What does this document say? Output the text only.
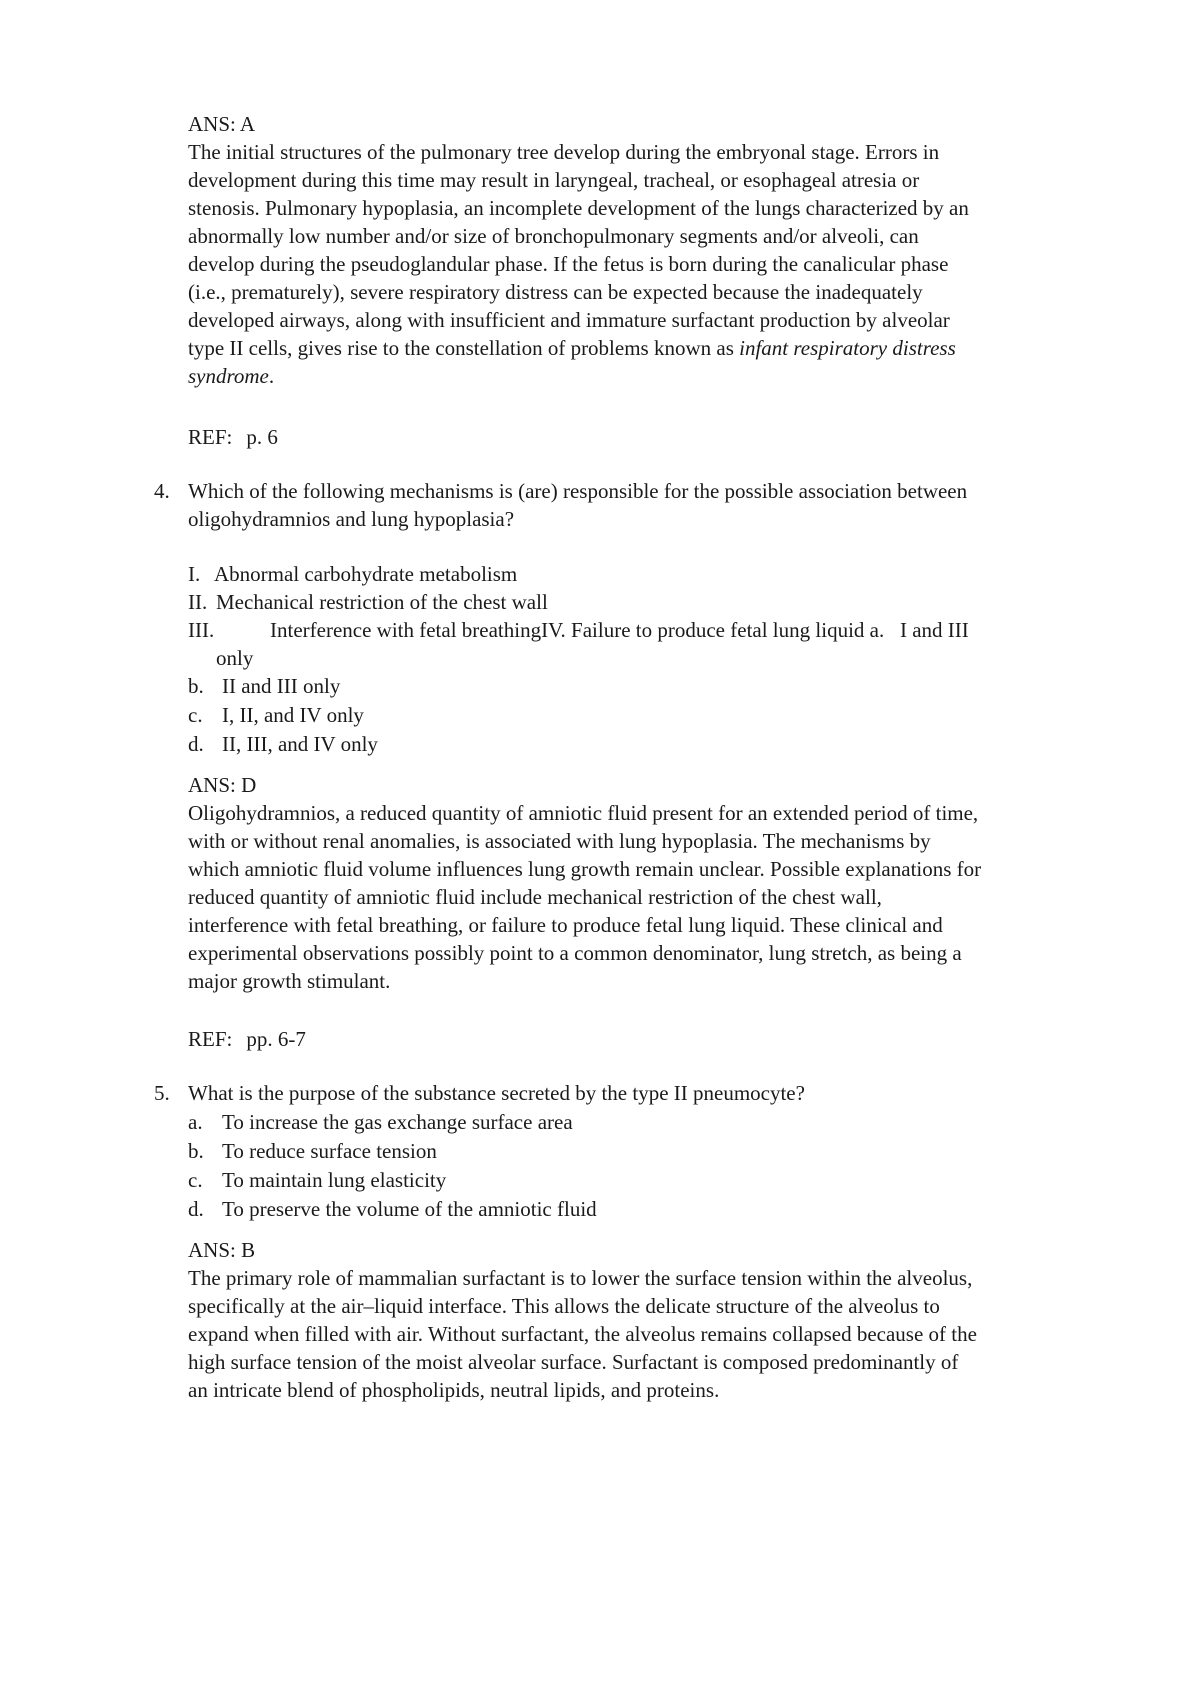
ANS: A

The initial structures of the pulmonary tree develop during the embryonal stage. Errors in
development during this time may result in laryngeal, tracheal, or esophageal atresia or
stenosis. Pulmonary hypoplasia, an incomplete development of the lungs characterized by an
abnormally low number and/or size of bronchopulmonary segments and/or alveoli, can
develop during the pseudoglandular phase. If the fetus is born during the canalicular phase
(i.e., prematurely), severe respiratory distress can be expected because the inadequately
developed airways, along with insufficient and immature surfactant production by alveolar
type II cells, gives rise to the constellation of problems known as infant respiratory distress
syndrome.

REF: p. 6

4. Which of the following mechanisms is (are) responsible for the possible association between
oligohydramnios and lung hypoplasia?
I. Abnormal carbohydrate metabolism
II. Mechanical restriction of the chest wall
III.	Interference with fetal breathingIV. Failure to produce fetal lung liquid a.   I and III
only
b. II and III only
c. I, II, and IV only
d. II, III, and IV only

ANS: D

Oligohydramnios, a reduced quantity of amniotic fluid present for an extended period of time,
with or without renal anomalies, is associated with lung hypoplasia. The mechanisms by
which amniotic fluid volume influences lung growth remain unclear. Possible explanations for
reduced quantity of amniotic fluid include mechanical restriction of the chest wall,
interference with fetal breathing, or failure to produce fetal lung liquid. These clinical and
experimental observations possibly point to a common denominator, lung stretch, as being a
major growth stimulant.

REF: pp. 6-7

5. What is the purpose of the substance secreted by the type II pneumocyte?
a. To increase the gas exchange surface area
b. To reduce surface tension
c. To maintain lung elasticity
d. To preserve the volume of the amniotic fluid

ANS: B

The primary role of mammalian surfactant is to lower the surface tension within the alveolus,
specifically at the air–liquid interface. This allows the delicate structure of the alveolus to
expand when filled with air. Without surfactant, the alveolus remains collapsed because of the
high surface tension of the moist alveolar surface. Surfactant is composed predominantly of
an intricate blend of phospholipids, neutral lipids, and proteins.
